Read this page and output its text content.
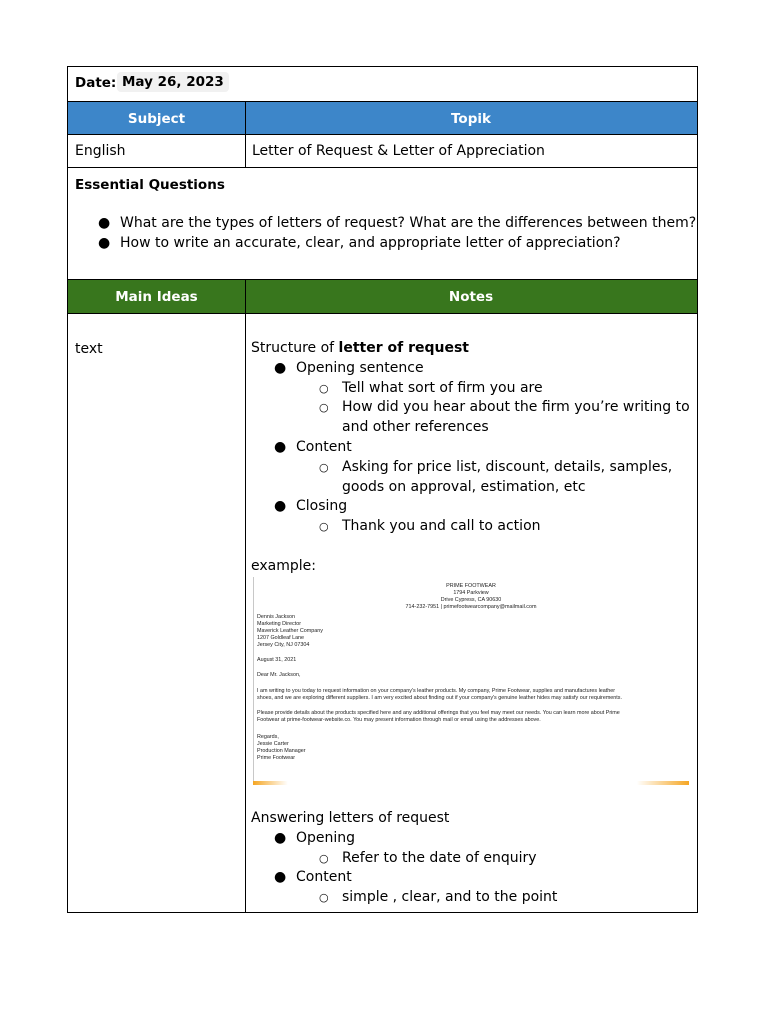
Date: May 26, 2023
Subject	Topik
English	Letter of Request & Letter of Appreciation
Essential Questions
● What are the types of letters of request? What are the differences between them?
● How to write an accurate, clear, and appropriate letter of appreciation?
Main Ideas	Notes
text	Structure of letter of request
● Opening sentence
○ Tell what sort of firm you are
○ How did you hear about the firm you’re writing to
and other references
● Content
○ Asking for price list, discount, details, samples,
goods on approval, estimation, etc
● Closing
○ Thank you and call to action
example:
PRIME FOOTWEAR
1794 Parkview
Drive Cypress, CA 90630
714-232-7951 | primefootwearcompany@mailmail.com
Dennis Jackson
Marketing Director
Maverick Leather Company
1207 Goldleaf Lane
Jersey City, NJ 07304
August 31, 2021
Dear Mr. Jackson,
I am writing to you today to request information on your company's leather products. My company, Prime Footwear, supplies and manufactures leather
shoes, and we are exploring different suppliers. I am very excited about finding out if your company's genuine leather hides may satisfy our requirements.
Please provide details about the products specified here and any additional offerings that you feel may meet our needs. You can learn more about Prime
Footwear at prime-footwear-website.co. You may present information through mail or email using the addresses above.
Regards,
Jessie Carter
Production Manager
Prime Footwear
Answering letters of request
● Opening
○ Refer to the date of enquiry
● Content
○ simple , clear, and to the point
